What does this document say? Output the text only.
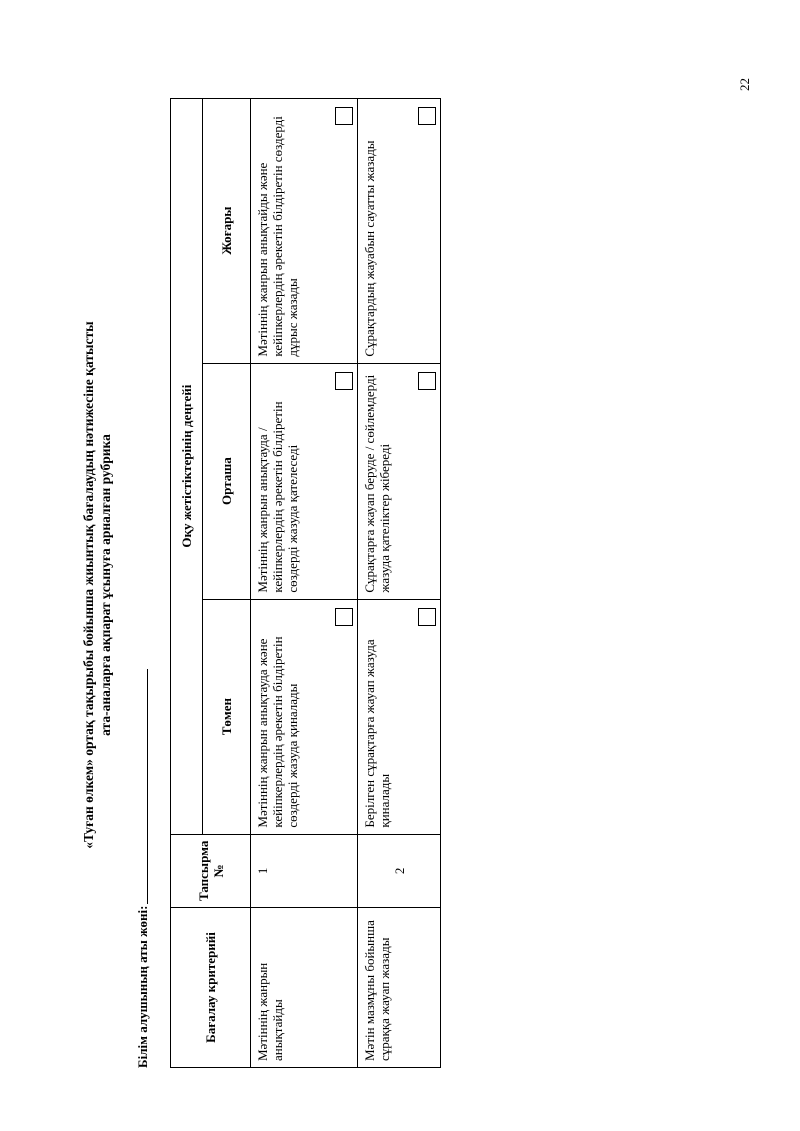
22
«Туған өлкем» ортақ тақырыбы бойынша жиынтық бағалаудың нәтижесіне қатысты ата-аналарға ақпарат ұсынуға арналған рубрика
Білім алушының аты жөні:	Бағалау критерийі	Тапсырма №	Оқу жетістіктерінің деңгейі		
		Төмен	Орташа	Жоғары
Мәтіннің жанрын анықтайды	1	Мәтіннің жанрын анықтауда және кейіпкерлердің әрекетін білдіретін сөздерді жазуда қиналады	Мәтіннің жанрын анықтауда / кейіпкерлердің әрекетін білдіретін сөздерді жазуда қателеседі	Мәтіннің жанрын анықтайды және кейіпкерлердің әрекетін білдіретін сөздерді дұрыс жазады

Мәтін мазмұны бойынша сұраққа жауап жазады	2	Берілген сұрақтарға жауап жазуда қиналады	Сұрақтарға жауап беруде / сөйлемдерді жазуда қателіктер жібереді	Сұрақтардың жауабын сауатты жазады
